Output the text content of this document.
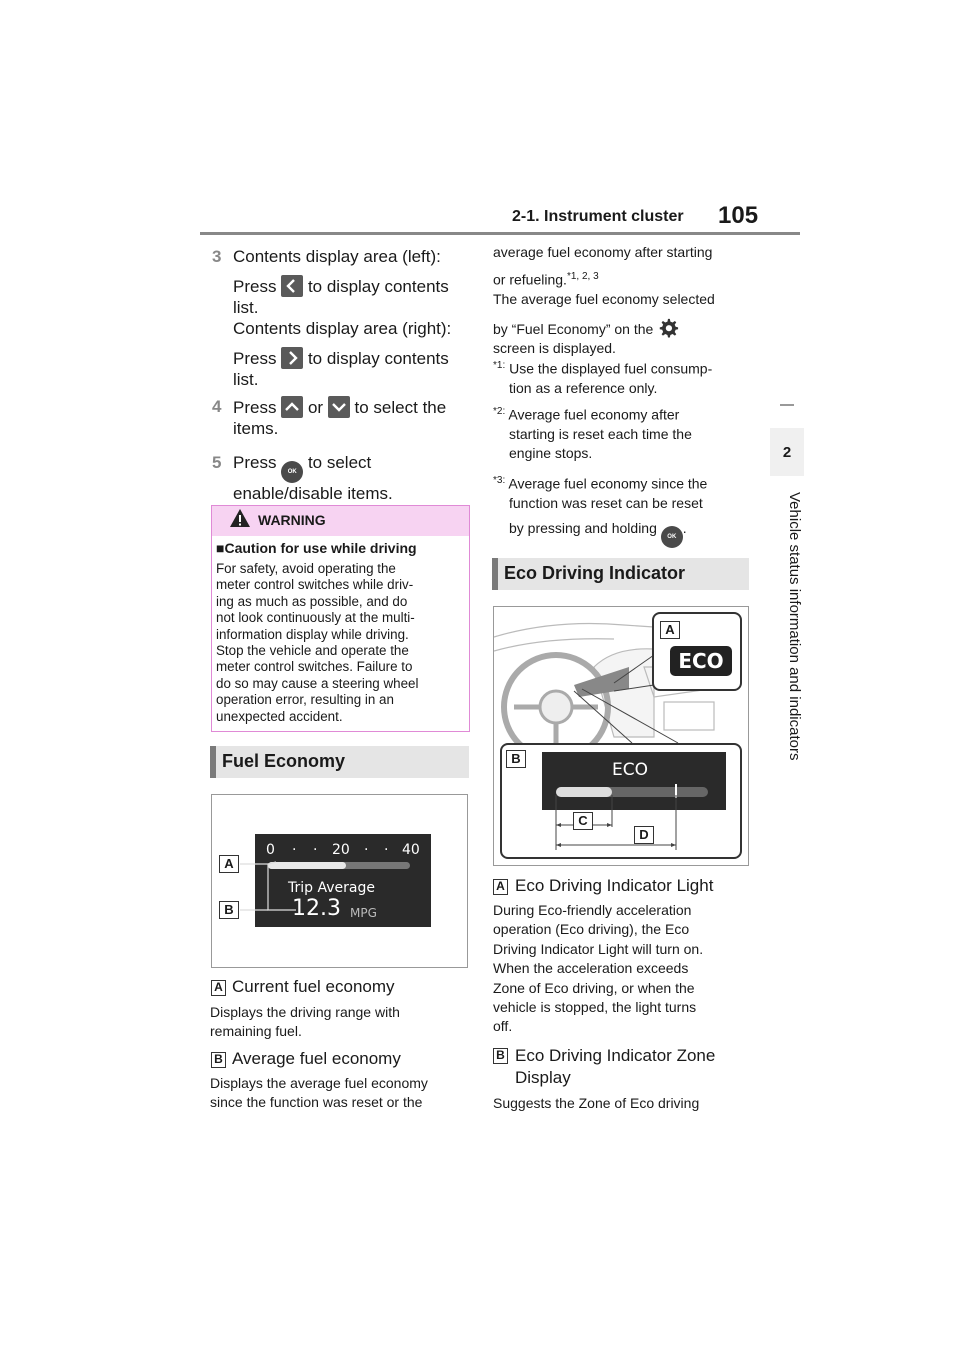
2-1. Instrument cluster 105
2
Vehicle status information and indicators
3 Contents display area (left):
Press to display contents
list.
Contents display area (right):
Press to display contents
list.
4 Press or to select the
items.
5 Press OK to select
enable/disable items.
WARNING
■Caution for use while driving
For safety, avoid operating the
meter control switches while driv-
ing as much as possible, and do
not look continuously at the multi-
information display while driving.
Stop the vehicle and operate the
meter control switches. Failure to
do so may cause a steering wheel
operation error, resulting in an
unexpected accident.
Fuel Economy
0 · · 20 · · 40
Trip Average
12.3 MPG
A
B
A Current fuel economy
Displays the driving range with
remaining fuel.
B Average fuel economy
Displays the average fuel economy
since the function was reset or the
average fuel economy after starting
or refueling.$^{*1, 2, 3}$
The average fuel economy selected
by “Fuel Economy” on the
screen is displayed.
$^{*1:}$ Use the displayed fuel consump-
tion as a reference only.
$^{*2:}$ Average fuel economy after
starting is reset each time the
engine stops.
$^{*3:}$ Average fuel economy since the
function was reset can be reset
by pressing and holding OK.
Eco Driving Indicator
ECO
A
B
ECO
C
D
A Eco Driving Indicator Light
During Eco-friendly acceleration
operation (Eco driving), the Eco
Driving Indicator Light will turn on.
When the acceleration exceeds
Zone of Eco driving, or when the
vehicle is stopped, the light turns
off.
B Eco Driving Indicator Zone
Display
Suggests the Zone of Eco driving
